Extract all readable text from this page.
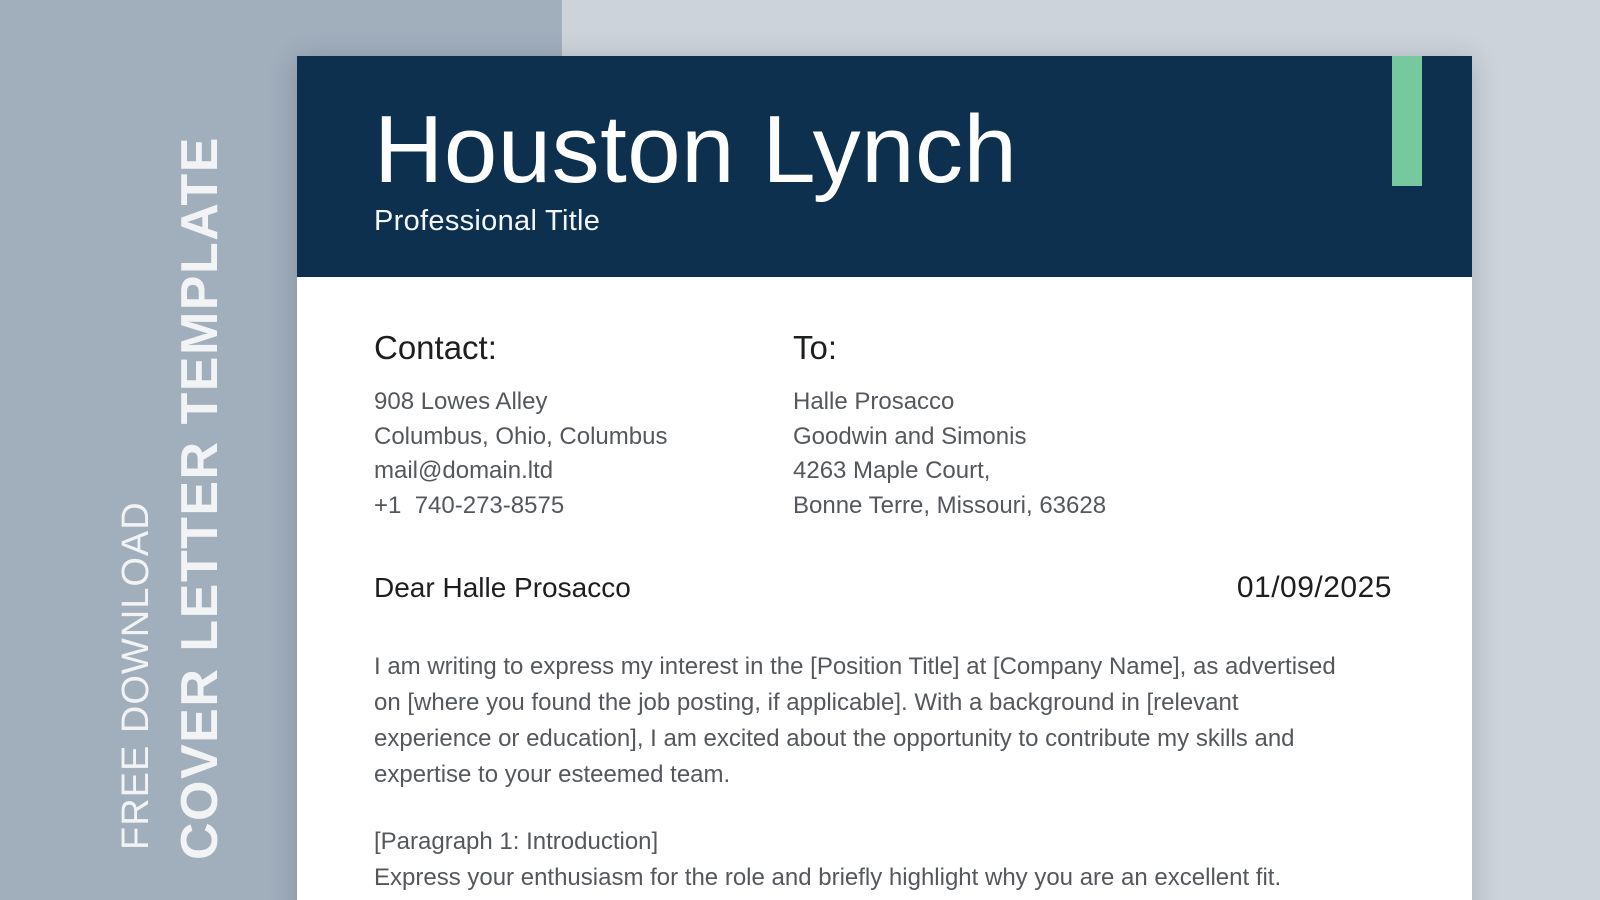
FREE DOWNLOAD COVER LETTER TEMPLATE Houston Lynch
Professional Title
Contact:
908 Lowes Alley
Columbus, Ohio, Columbus
mail@domain.ltd
+1  740-273-8575
To:
Halle Prosacco
Goodwin and Simonis
4263 Maple Court,
Bonne Terre, Missouri, 63628
Dear Halle Prosacco	01/09/2025
I am writing to express my interest in the [Position Title] at [Company Name], as advertised on [where you found the job posting, if applicable]. With a background in [relevant experience or education], I am excited about the opportunity to contribute my skills and expertise to your esteemed team.
[Paragraph 1: Introduction]
Express your enthusiasm for the role and briefly highlight why you are an excellent fit.
